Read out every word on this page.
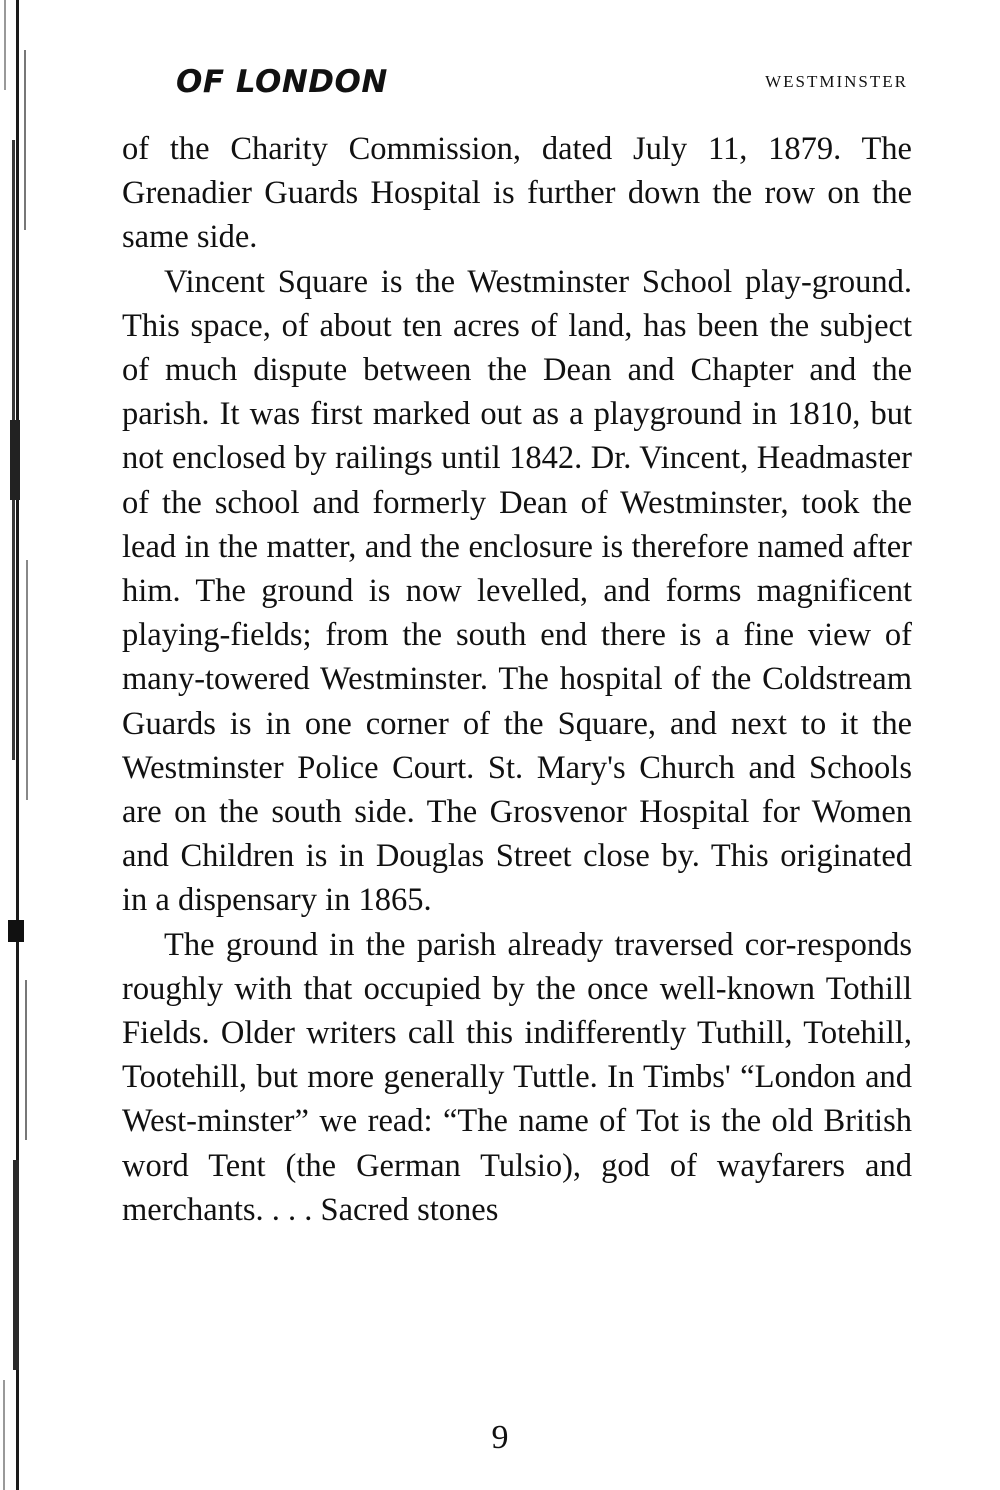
OF LONDON	WESTMINSTER

of the Charity Commission, dated July 11, 1879. The Grenadier Guards Hospital is further down the row on the same side.

Vincent Square is the Westminster School play-ground. This space, of about ten acres of land, has been the subject of much dispute between the Dean and Chapter and the parish. It was first marked out as a playground in 1810, but not enclosed by railings until 1842. Dr. Vincent, Headmaster of the school and formerly Dean of Westminster, took the lead in the matter, and the enclosure is therefore named after him. The ground is now levelled, and forms magnificent playing-fields; from the south end there is a fine view of many-towered Westminster. The hospital of the Coldstream Guards is in one corner of the Square, and next to it the Westminster Police Court. St. Mary's Church and Schools are on the south side. The Grosvenor Hospital for Women and Children is in Douglas Street close by. This originated in a dispensary in 1865.

The ground in the parish already traversed cor-responds roughly with that occupied by the once well-known Tothill Fields. Older writers call this indifferently Tuthill, Totehill, Tootehill, but more generally Tuttle. In Timbs' “London and West-minster” we read: “The name of Tot is the old British word Tent (the German Tulsio), god of wayfarers and merchants. . . . Sacred stones

9
